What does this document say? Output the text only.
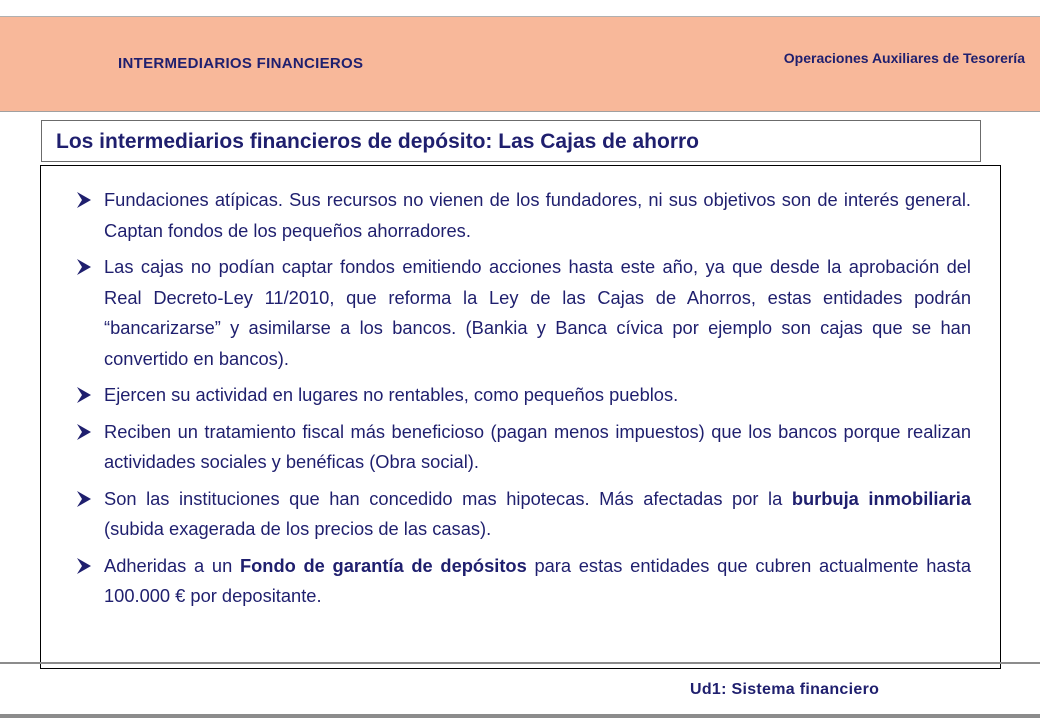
INTERMEDIARIOS FINANCIEROS	Operaciones Auxiliares de Tesorería
Los intermediarios financieros de depósito: Las Cajas de ahorro
Fundaciones atípicas. Sus recursos no vienen de los fundadores, ni sus objetivos son de interés general. Captan fondos de los pequeños ahorradores.
Las cajas no podían captar fondos emitiendo acciones hasta este año, ya que desde la aprobación del Real Decreto-Ley 11/2010, que reforma la Ley de las Cajas de Ahorros, estas entidades podrán “bancarizarse” y asimilarse a los bancos. (Bankia y Banca cívica por ejemplo son cajas que se han convertido en bancos).
Ejercen su actividad en lugares no rentables, como pequeños pueblos.
Reciben un tratamiento fiscal más beneficioso (pagan menos impuestos) que los bancos porque realizan actividades sociales y benéficas (Obra social).
Son las instituciones que han concedido mas hipotecas. Más afectadas por la burbuja inmobiliaria (subida exagerada de los precios de las casas).
Adheridas a un Fondo de garantía de depósitos para estas entidades que cubren actualmente hasta 100.000 € por depositante.
Ud1: Sistema financiero
